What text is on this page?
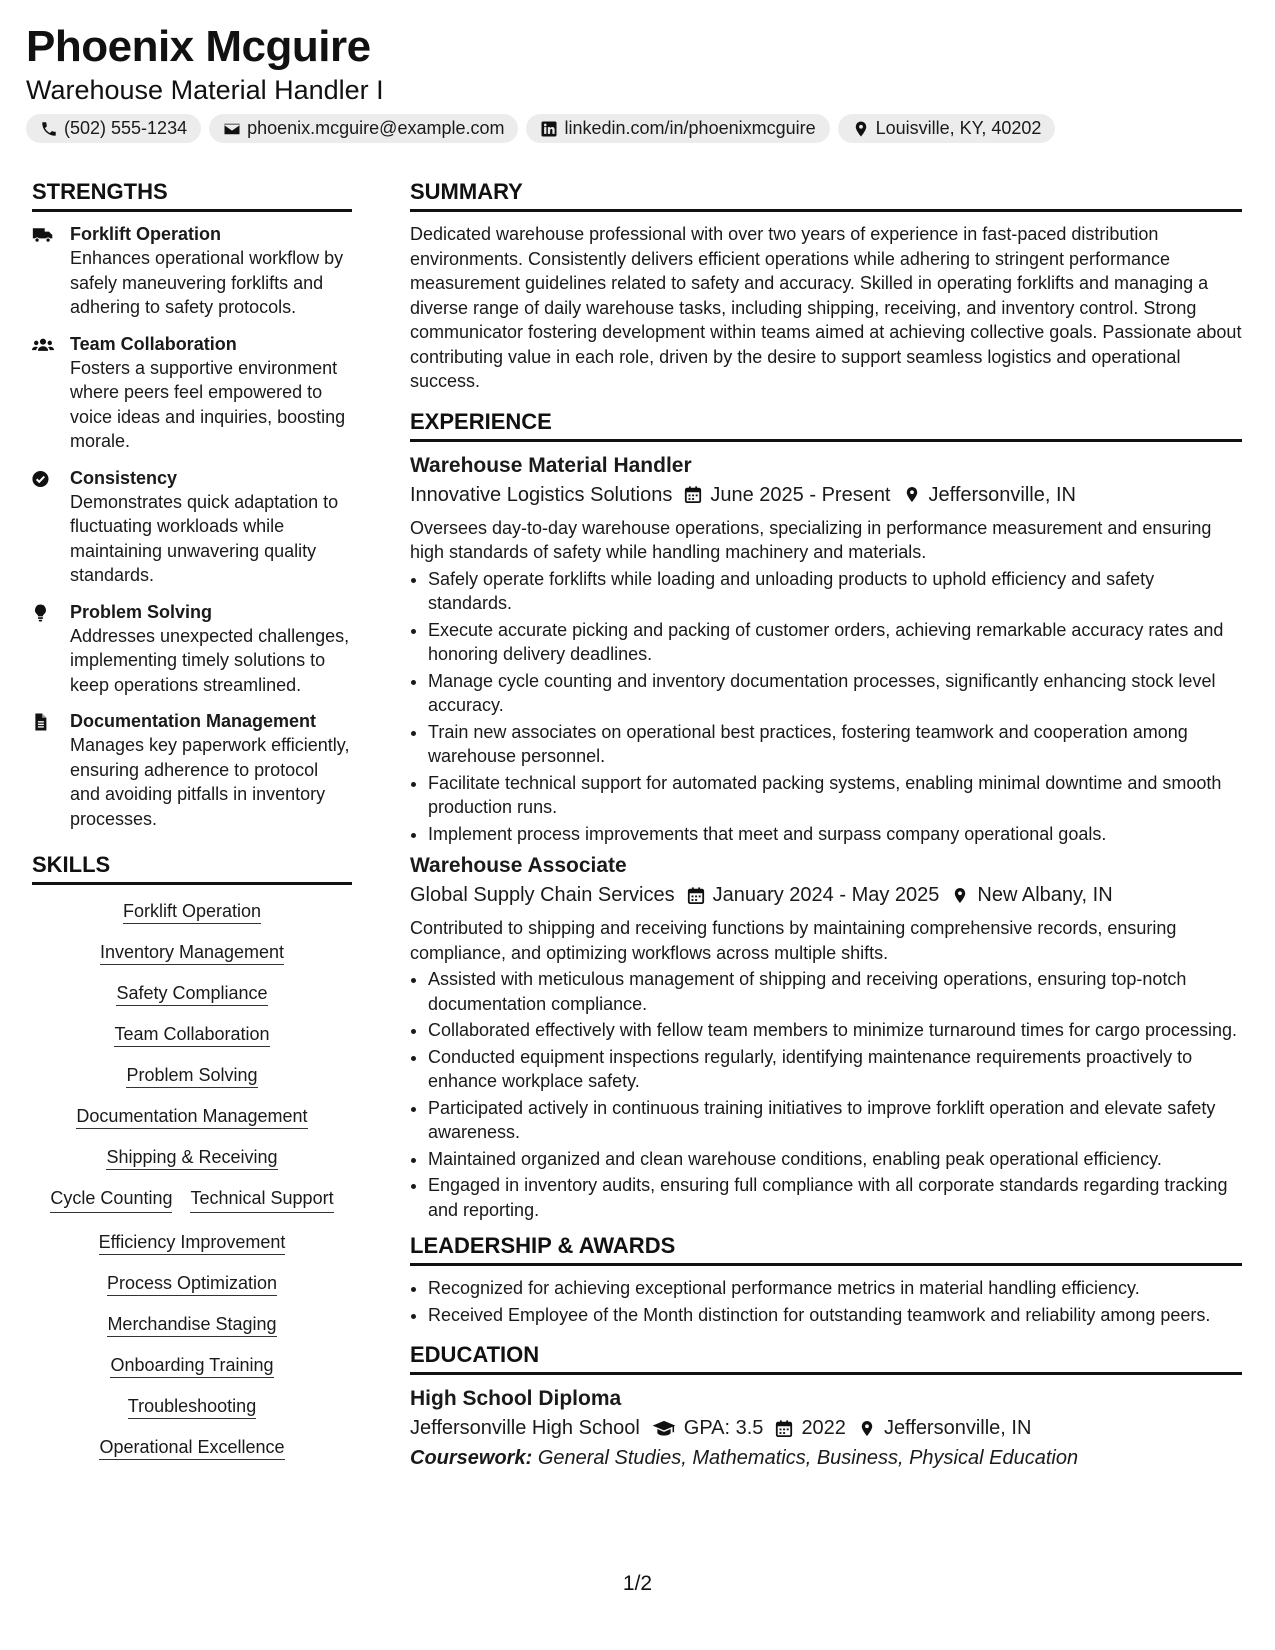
Phoenix Mcguire
Warehouse Material Handler I
(502) 555-1234	phoenix.mcguire@example.com	linkedin.com/in/phoenixmcguire	Louisville, KY, 40202
STRENGTHS
Forklift Operation
Enhances operational workflow by safely maneuvering forklifts and adhering to safety protocols.
Team Collaboration
Fosters a supportive environment where peers feel empowered to voice ideas and inquiries, boosting morale.
Consistency
Demonstrates quick adaptation to fluctuating workloads while maintaining unwavering quality standards.
Problem Solving
Addresses unexpected challenges, implementing timely solutions to keep operations streamlined.
Documentation Management
Manages key paperwork efficiently, ensuring adherence to protocol and avoiding pitfalls in inventory processes.
SKILLS
Forklift Operation
Inventory Management
Safety Compliance
Team Collaboration
Problem Solving
Documentation Management
Shipping & Receiving
Cycle Counting Technical Support
Efficiency Improvement
Process Optimization
Merchandise Staging
Onboarding Training
Troubleshooting
Operational Excellence
SUMMARY

Dedicated warehouse professional with over two years of experience in fast-paced distribution environments. Consistently delivers efficient operations while adhering to stringent performance measurement guidelines related to safety and accuracy. Skilled in operating forklifts and managing a diverse range of daily warehouse tasks, including shipping, receiving, and inventory control. Strong communicator fostering development within teams aimed at achieving collective goals. Passionate about contributing value in each role, driven by the desire to support seamless logistics and operational success.

EXPERIENCE
Warehouse Material Handler
Innovative Logistics Solutions June 2025 - Present Jeffersonville, IN

Oversees day-to-day warehouse operations, specializing in performance measurement and ensuring high standards of safety while handling machinery and materials.

• Safely operate forklifts while loading and unloading products to uphold efficiency and safety standards.
• Execute accurate picking and packing of customer orders, achieving remarkable accuracy rates and honoring delivery deadlines.
• Manage cycle counting and inventory documentation processes, significantly enhancing stock level accuracy.
• Train new associates on operational best practices, fostering teamwork and cooperation among warehouse personnel.
• Facilitate technical support for automated packing systems, enabling minimal downtime and smooth production runs.
• Implement process improvements that meet and surpass company operational goals.
Warehouse Associate
Global Supply Chain Services January 2024 - May 2025 New Albany, IN

Contributed to shipping and receiving functions by maintaining comprehensive records, ensuring compliance, and optimizing workflows across multiple shifts.

• Assisted with meticulous management of shipping and receiving operations, ensuring top-notch documentation compliance.
• Collaborated effectively with fellow team members to minimize turnaround times for cargo processing.
• Conducted equipment inspections regularly, identifying maintenance requirements proactively to enhance workplace safety.
• Participated actively in continuous training initiatives to improve forklift operation and elevate safety awareness.
• Maintained organized and clean warehouse conditions, enabling peak operational efficiency.
• Engaged in inventory audits, ensuring full compliance with all corporate standards regarding tracking and reporting.
LEADERSHIP & AWARDS
• Recognized for achieving exceptional performance metrics in material handling efficiency.
• Received Employee of the Month distinction for outstanding teamwork and reliability among peers.
EDUCATION
High School Diploma
Jeffersonville High School GPA: 3.5 2022 Jeffersonville, IN
Coursework: General Studies, Mathematics, Business, Physical Education
1/2
